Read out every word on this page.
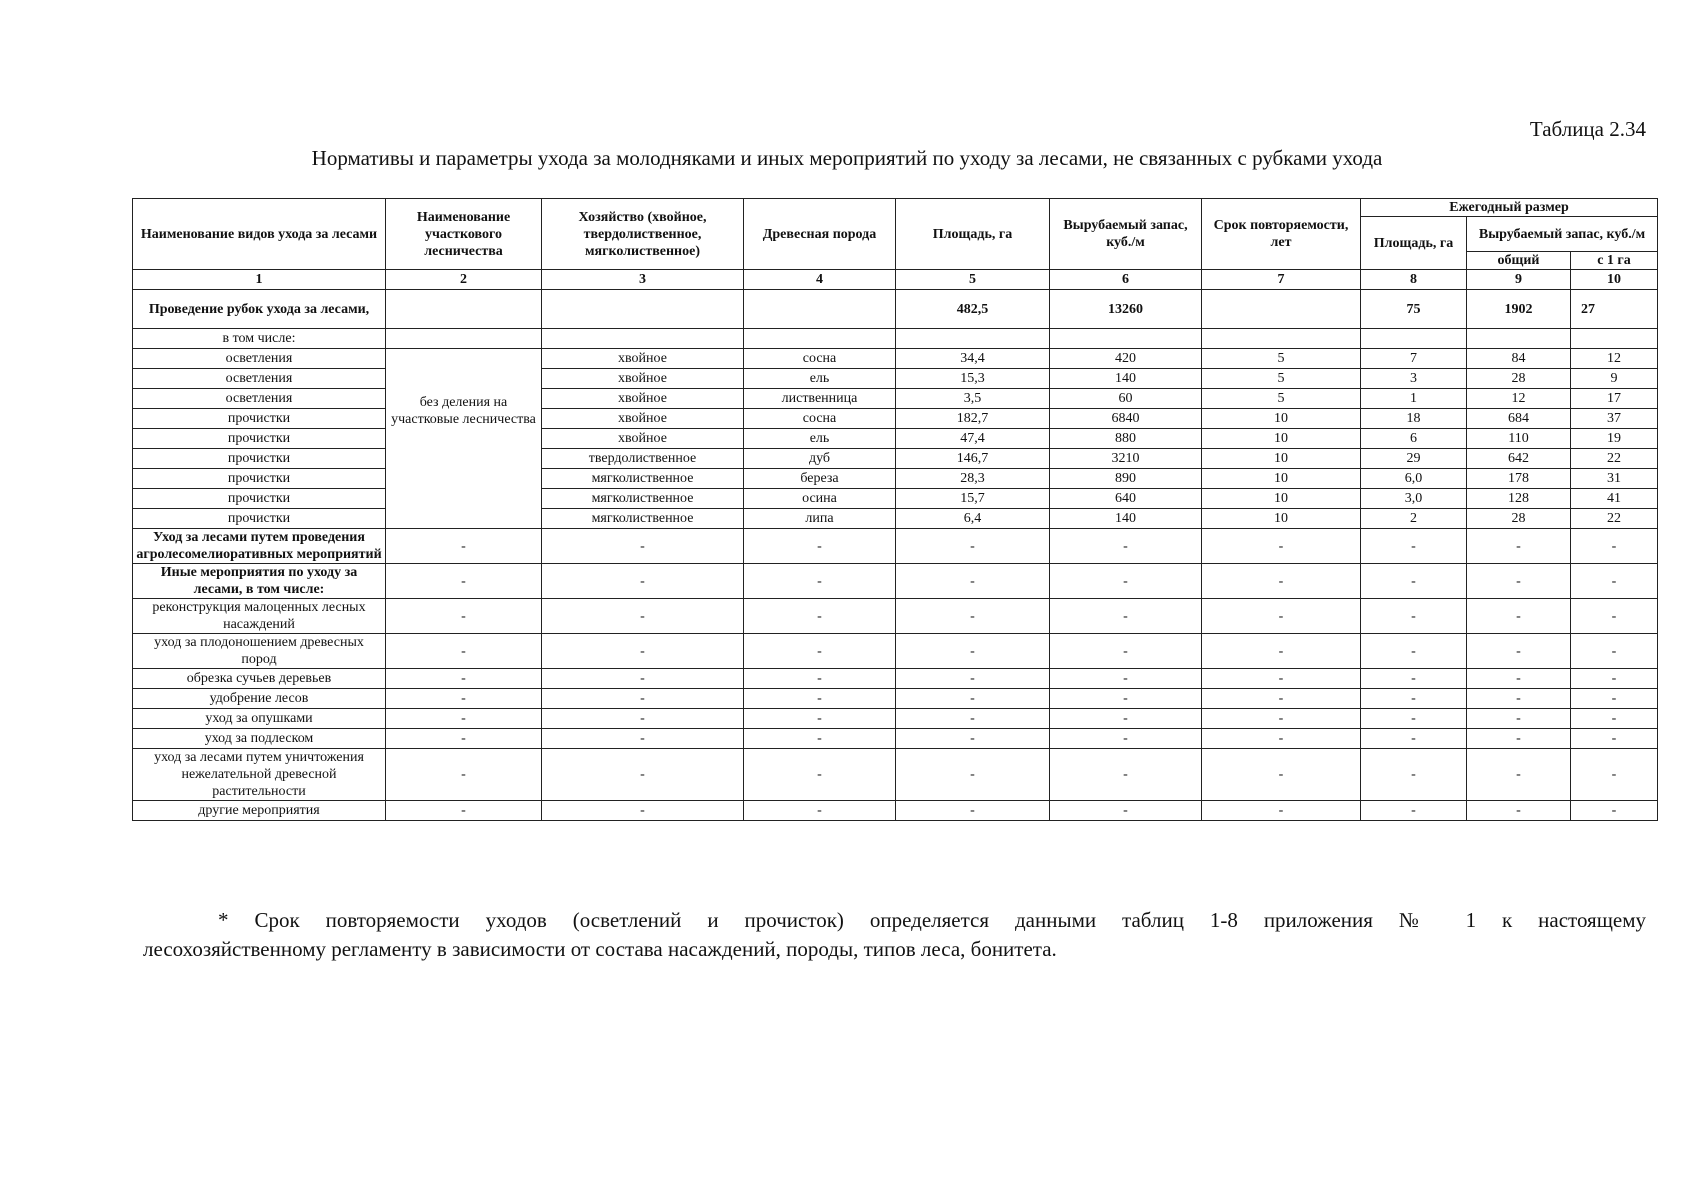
Таблица 2.34
Нормативы и параметры ухода за молодняками и иных мероприятий по уходу за лесами, не связанных с рубками ухода
Наименование видов ухода за лесами	Наименование участкового лесничества	Хозяйство (хвойное, твердолиственное, мягколиственное)	Древесная порода	Площадь, га	Вырубаемый запас, куб./м	Срок повторяемости, лет	Ежегодный размер		
							Площадь, га	Вырубаемый запас, куб./м	
								общий	с 1 га
1	2	3	4	5	6	7	8	9	10
Проведение рубок ухода за лесами,				482,5	13260		75	1902	27
в том числе:									
осветления	без деления на участковые лесничества	хвойное	сосна	34,4	420	5	7	84	12
осветления		хвойное	ель	15,3	140	5	3	28	9
осветления		хвойное	лиственница	3,5	60	5	1	12	17
прочистки		хвойное	сосна	182,7	6840	10	18	684	37
прочистки		хвойное	ель	47,4	880	10	6	110	19
прочистки		твердолиственное	дуб	146,7	3210	10	29	642	22
прочистки		мягколиственное	береза	28,3	890	10	6,0	178	31
прочистки		мягколиственное	осина	15,7	640	10	3,0	128	41
прочистки		мягколиственное	липа	6,4	140	10	2	28	22
Уход за лесами путем проведения агролесомелиоративных мероприятий	-	-	-	-	-	-	-	-	-
Иные мероприятия по уходу за лесами, в том числе:	-	-	-	-	-	-	-	-	-
реконструкция малоценных лесных насаждений	-	-	-	-	-	-	-	-	-
уход за плодоношением древесных пород	-	-	-	-	-	-	-	-	-
обрезка сучьев деревьев	-	-	-	-	-	-	-	-	-
удобрение лесов	-	-	-	-	-	-	-	-	-
уход за опушками	-	-	-	-	-	-	-	-	-
уход за подлеском	-	-	-	-	-	-	-	-	-
уход за лесами путем уничтожения нежелательной древесной растительности	-	-	-	-	-	-	-	-	-
другие мероприятия	-	-	-	-	-	-	-	-	-
* Срок повторяемости уходов (осветлений и прочисток) определяется данными таблиц 1-8 приложения № 1 к настоящему
лесохозяйственному регламенту в зависимости от состава насаждений, породы, типов леса, бонитета.
